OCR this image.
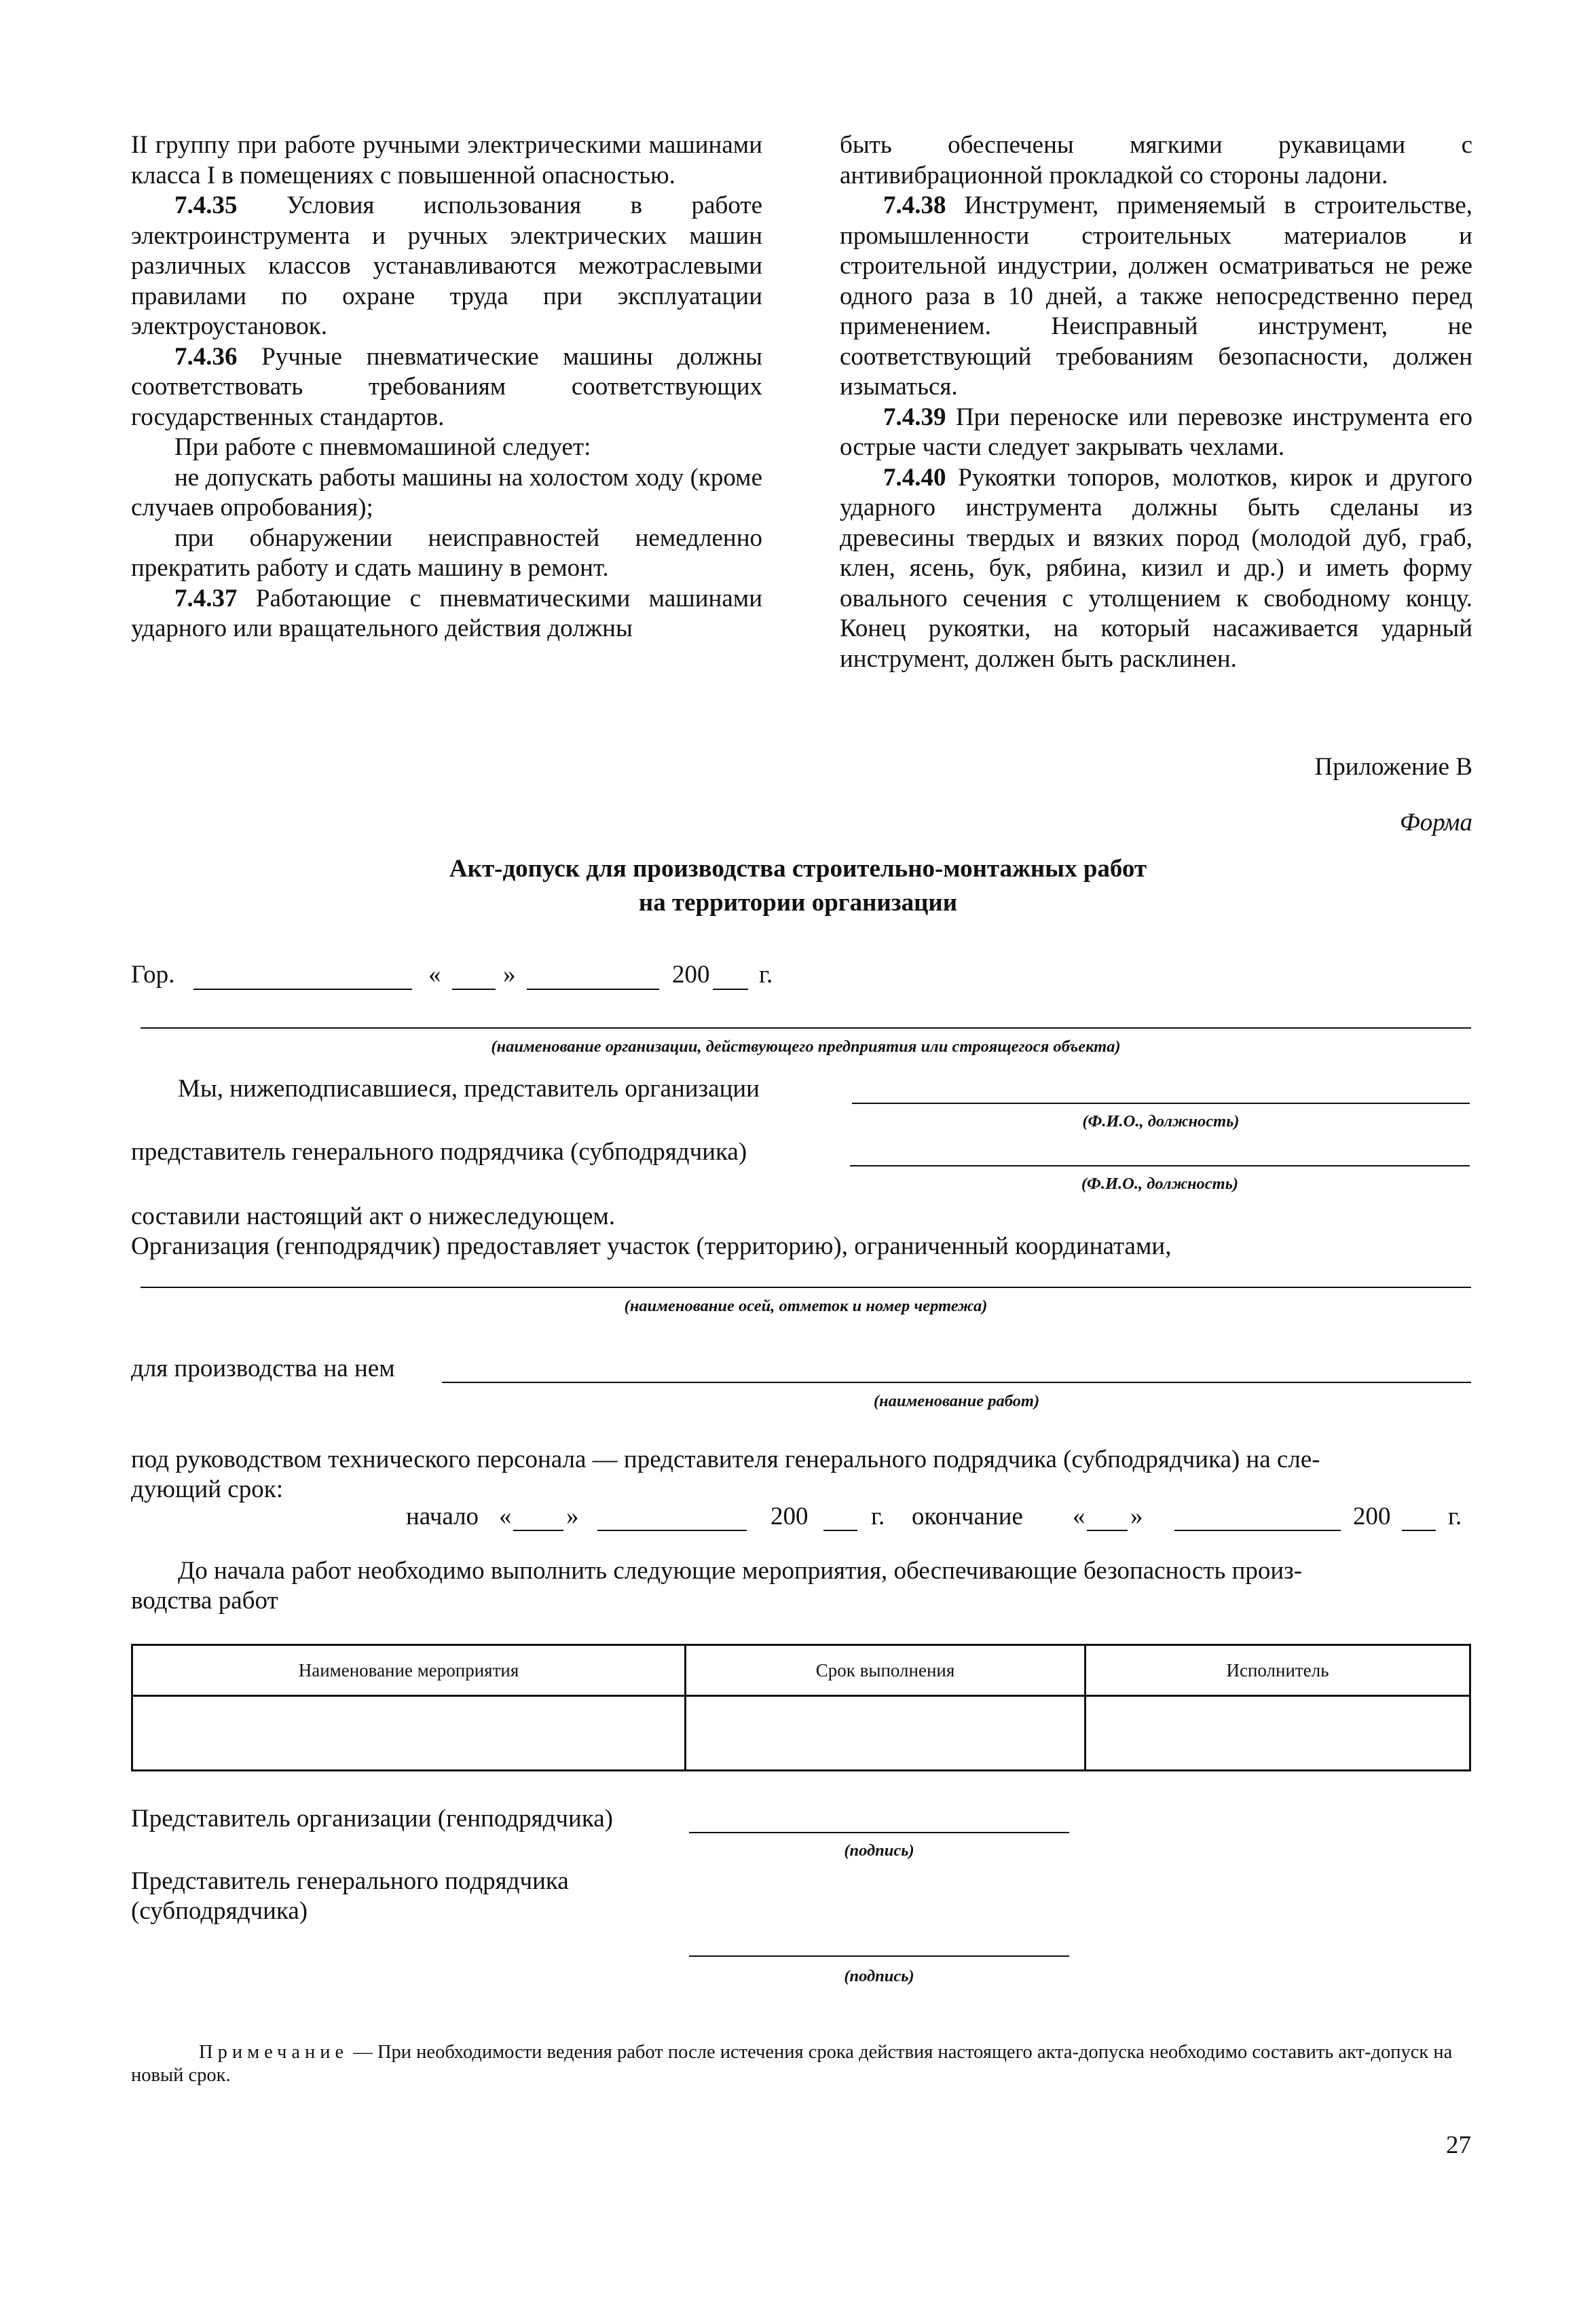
II группу при работе ручными электрическими машинами класса I в помещениях с повышенной опасностью.

7.4.35 Условия использования в работе электроинструмента и ручных электрических машин различных классов устанавливаются межотраслевыми правилами по охране труда при эксплуатации электроустановок.

7.4.36 Ручные пневматические машины должны соответствовать требованиям соответствующих государственных стандартов.

При работе с пневмомашиной следует:

не допускать работы машины на холостом ходу (кроме случаев опробования);

при обнаружении неисправностей немедленно прекратить работу и сдать машину в ремонт.

7.4.37 Работающие с пневматическими машинами ударного или вращательного действия должны

быть обеспечены мягкими рукавицами с антивибрационной прокладкой со стороны ладони.

7.4.38 Инструмент, применяемый в строительстве, промышленности строительных материалов и строительной индустрии, должен осматриваться не реже одного раза в 10 дней, а также непосредственно перед применением. Неисправный инструмент, не соответствующий требованиям безопасности, должен изыматься.

7.4.39 При переноске или перевозке инструмента его острые части следует закрывать чехлами.

7.4.40 Рукоятки топоров, молотков, кирок и другого ударного инструмента должны быть сделаны из древесины твердых и вязких пород (молодой дуб, граб, клен, ясень, бук, рябина, кизил и др.) и иметь форму овального сечения с утолщением к свободному концу. Конец рукоятки, на который насаживается ударный инструмент, должен быть расклинен.

Приложение В
Форма
Акт-допуск для производства строительно-монтажных работ
на территории организации
Гор.	« »	200 г.
(наименование организации, действующего предприятия или строящегося объекта)
Мы, нижеподписавшиеся, представитель организации
(Ф.И.О., должность)
представитель генерального подрядчика (субподрядчика)
(Ф.И.О., должность)
составили настоящий акт о нижеследующем.
Организация (генподрядчик) предоставляет участок (территорию), ограниченный координатами,
(наименование осей, отметок и номер чертежа)
для производства на нем
(наименование работ)
под руководством технического персонала — представителя генерального подрядчика (субподрядчика) на сле-
дующий срок:
начало « »	200	г. окончание « »	200 г.
До начала работ необходимо выполнить следующие мероприятия, обеспечивающие безопасность произ-
водства работ
Наименование мероприятия	Срок выполнения	Исполнитель

Представитель организации (генподрядчика)
(подпись)
Представитель генерального подрядчика
(субподрядчика)
(подпись)
Примечание — При необходимости ведения работ после истечения срока действия настоящего акта-допуска необходимо составить акт-допуск на новый срок.
27
